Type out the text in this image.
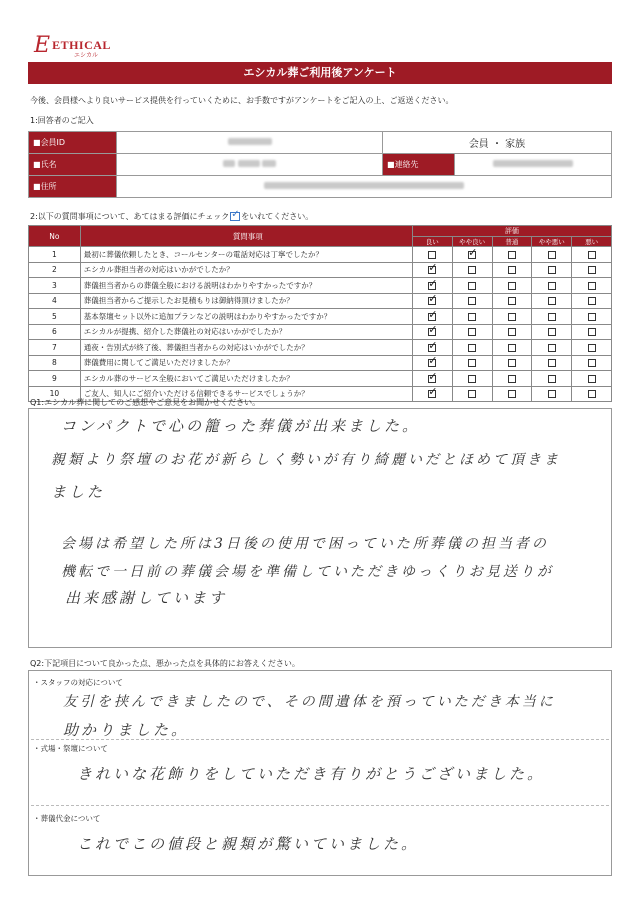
E ETHICAL
エシカル
エシカル葬ご利用後アンケート
今後、会員様へより良いサービス提供を行っていくために、お手数ですがアンケートをご記入の上、ご返送ください。
1:回答者のご記入
■会員ID		会員 ・ 家族	
■氏名		■連絡先	
■住所			
2:以下の質問事項について、あてはまる評価にチェック ✓ をいれてください。
No	質問事項	評価				
		良い	やや良い	普通	やや悪い	悪い
1	最初に葬儀依頼したとき、コールセンターの電話対応は丁寧でしたか？		✓			
2	エシカル葬担当者の対応はいかがでしたか？	✓				
3	葬儀担当者からの葬儀全般における説明はわかりやすかったですか？	✓				
4	葬儀担当者からご提示したお見積もりは御納得頂けましたか？	✓				
5	基本祭壇セット以外に追加プランなどの説明はわかりやすかったですか？	✓				
6	エシカルが提携、紹介した葬儀社の対応はいかがでしたか？	✓				
7	通夜・告別式が終了後、葬儀担当者からの対応はいかがでしたか？	✓				
8	葬儀費用に関してご満足いただけましたか？	✓				
9	エシカル葬のサービス全般においてご満足いただけましたか？	✓				
10	ご友人、知人にご紹介いただける信頼できるサービスでしょうか？	✓				
Q1:エシカル葬に関してのご感想やご意見をお聞かせください。
コンパクトで心の籠った葬儀が出来ました。
親類より祭壇のお花が新らしく勢いが有り綺麗いだとほめて頂きま
ました
会場は希望した所は3日後の使用で困っていた所葬儀の担当者の
機転で一日前の葬儀会場を準備していただきゆっくりお見送りが
出来感謝しています
Q2:下記項目について良かった点、悪かった点を具体的にお答えください。
・スタッフの対応について
友引を挟んできましたので、その間遺体を預っていただき本当に
助かりました。
・式場・祭壇について
きれいな花飾りをしていただき有りがとうございました。
・葬儀代金について
これでこの値段と親類が驚いていました。
